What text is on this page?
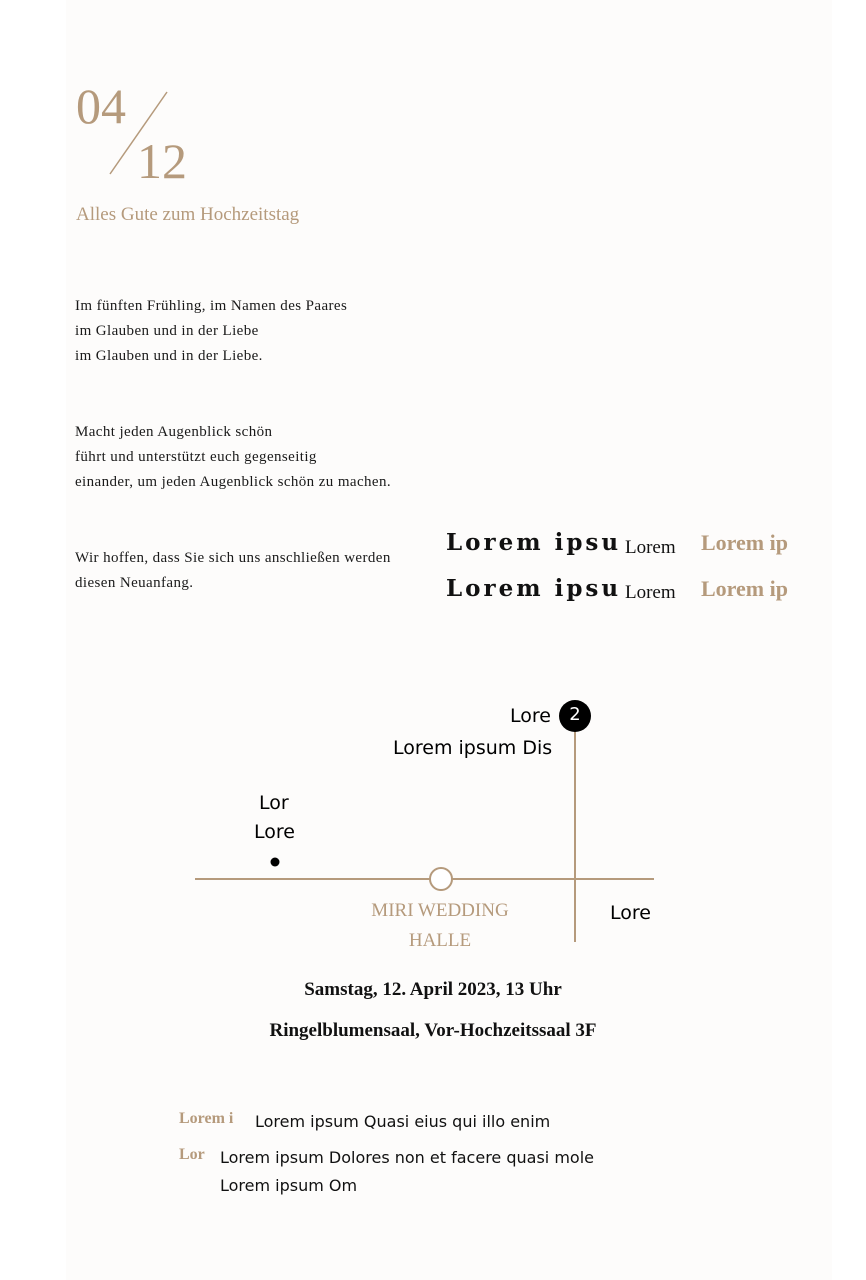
04
12
Alles Gute zum Hochzeitstag
Im fünften Frühling, im Namen des Paares
im Glauben und in der Liebe
im Glauben und in der Liebe.
Macht jeden Augenblick schön
führt und unterstützt euch gegenseitig
einander, um jeden Augenblick schön zu machen.
Wir hoffen, dass Sie sich uns anschließen werden
diesen Neuanfang.
Lorem ipsu Lorem Lorem ip
Lorem ipsu Lorem Lorem ip
2
Lore
Lorem ipsum Dis
Lor
Lore
Lore
MIRI WEDDING HALLE
Samstag, 12. April 2023, 13 Uhr
Ringelblumensaal, Vor-Hochzeitssaal 3F
Lorem i Lorem ipsum Quasi eius qui illo enim
Lor Lorem ipsum Dolores non et facere quasi mole
Lorem ipsum Om
